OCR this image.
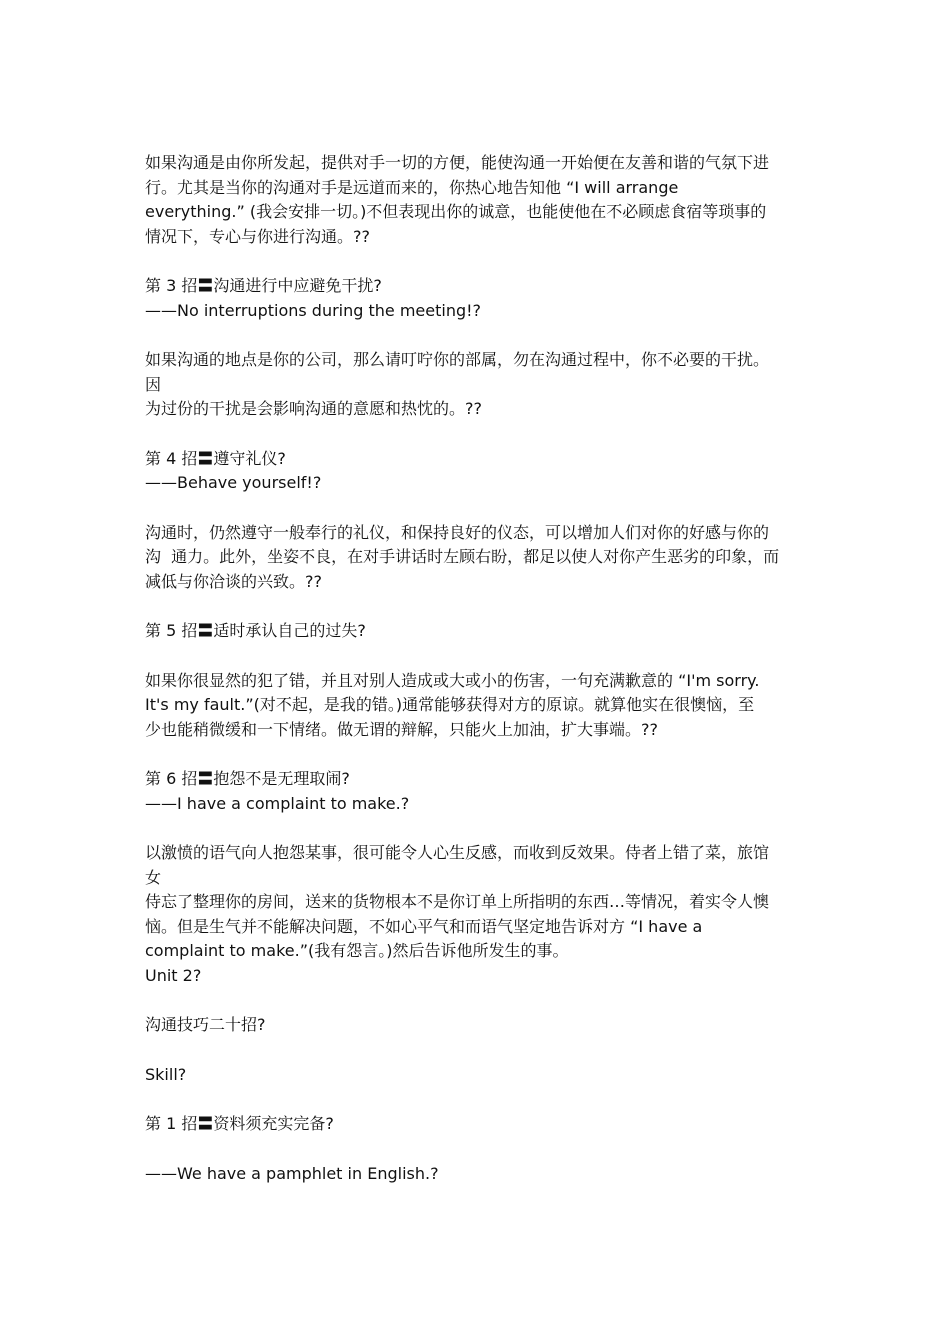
如果沟通是由你所发起，提供对手一切的方便，能使沟通一开始便在友善和谐的气氛下进

行。尤其是当你的沟通对手是远道而来的，你热心地告知他 “I will arrange

everything.” (我会安排一切。)不但表现出你的诚意，也能使他在不必顾虑食宿等琐事的

情况下，专心与你进行沟通。??

第 3 招〓沟通进行中应避免干扰?

——No interruptions during the meeting!?

如果沟通的地点是你的公司，那么请叮咛你的部属，勿在沟通过程中，你不必要的干扰。

因

为过份的干扰是会影响沟通的意愿和热忱的。??

第 4 招〓遵守礼仪?

——Behave yourself!?

沟通时，仍然遵守一般奉行的礼仪，和保持良好的仪态，可以增加人们对你的好感与你的

沟  通力。此外，坐姿不良，在对手讲话时左顾右盼，都足以使人对你产生恶劣的印象，而

减低与你洽谈的兴致。??

第 5 招〓适时承认自己的过失?

如果你很显然的犯了错，并且对别人造成或大或小的伤害，一句充满歉意的 “I'm sorry.

It's my fault.”(对不起，是我的错。)通常能够获得对方的原谅。就算他实在很懊恼，至

少也能稍微缓和一下情绪。做无谓的辩解，只能火上加油，扩大事端。??

第 6 招〓抱怨不是无理取闹?

——I have a complaint to make.?

以激愤的语气向人抱怨某事，很可能令人心生反感，而收到反效果。侍者上错了菜，旅馆

女

侍忘了整理你的房间，送来的货物根本不是你订单上所指明的东西…等情况，着实令人懊

恼。但是生气并不能解决问题，不如心平气和而语气坚定地告诉对方 “I have a

complaint to make.”(我有怨言。)然后告诉他所发生的事。

Unit 2?

沟通技巧二十招?

Skill?

第 1 招〓资料须充实完备?

——We have a pamphlet in English.?
